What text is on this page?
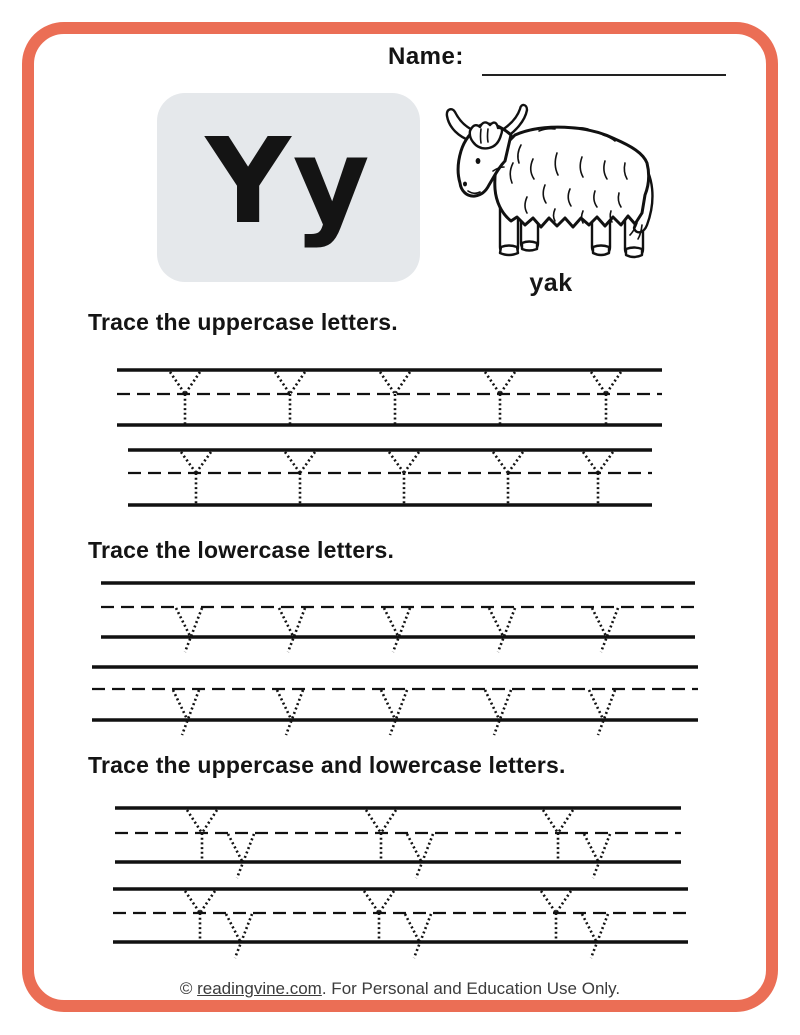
Name:
Yy
yak
Trace the uppercase letters.
Trace the lowercase letters.
Trace the uppercase and lowercase letters.
© readingvine.com. For Personal and Education Use Only.
